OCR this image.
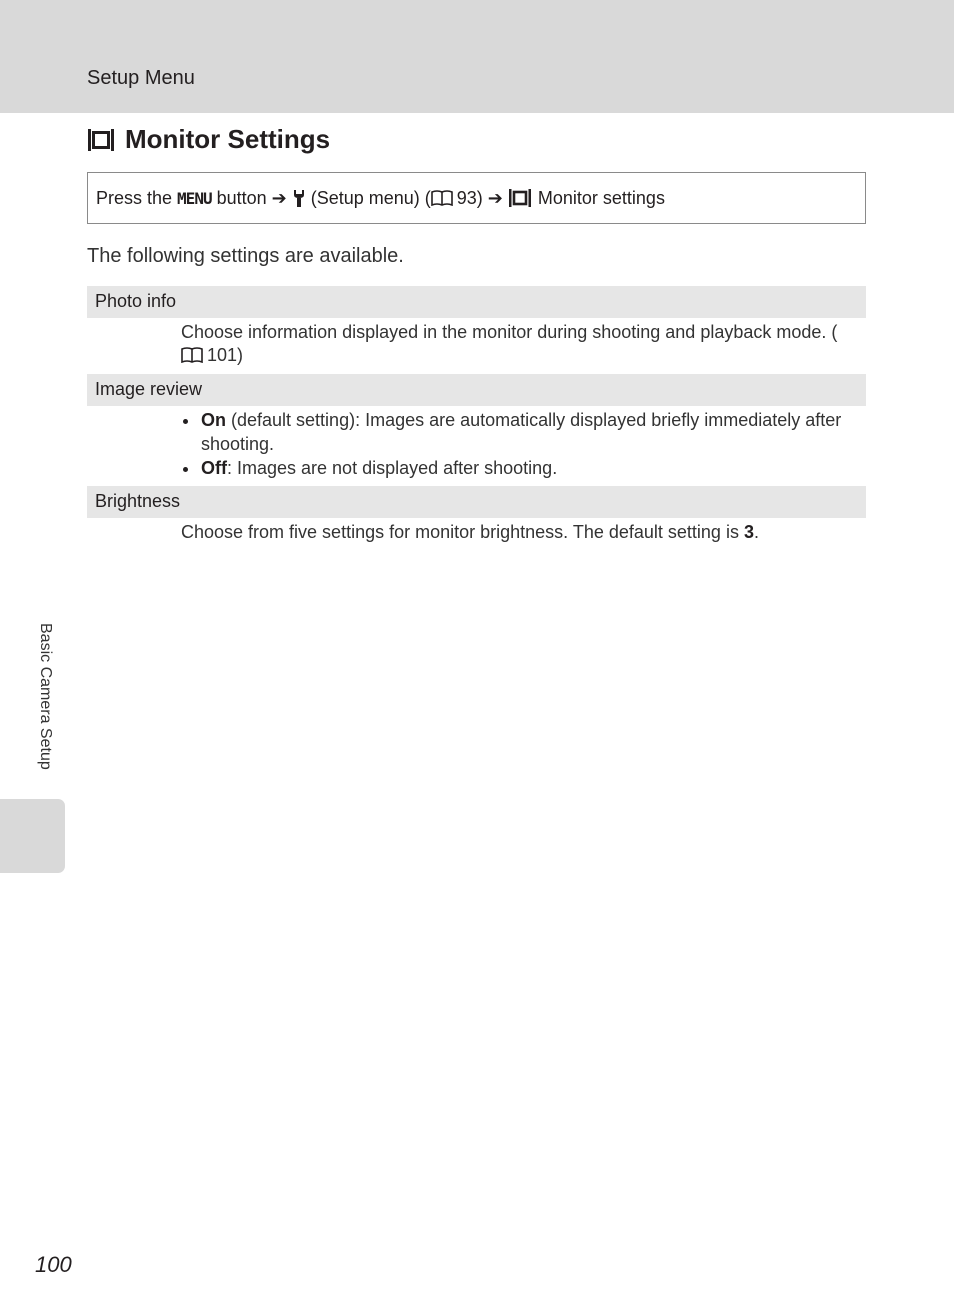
Setup Menu
Monitor Settings
Press the MENU button ➔ (Setup menu) ( 93) ➔ Monitor settings
The following settings are available.
Photo info
Choose information displayed in the monitor during shooting and playback mode. (101)
Image review
On (default setting): Images are automatically displayed briefly immediately after shooting.
Off: Images are not displayed after shooting.
Brightness
Choose from five settings for monitor brightness. The default setting is 3.
Basic Camera Setup
100
